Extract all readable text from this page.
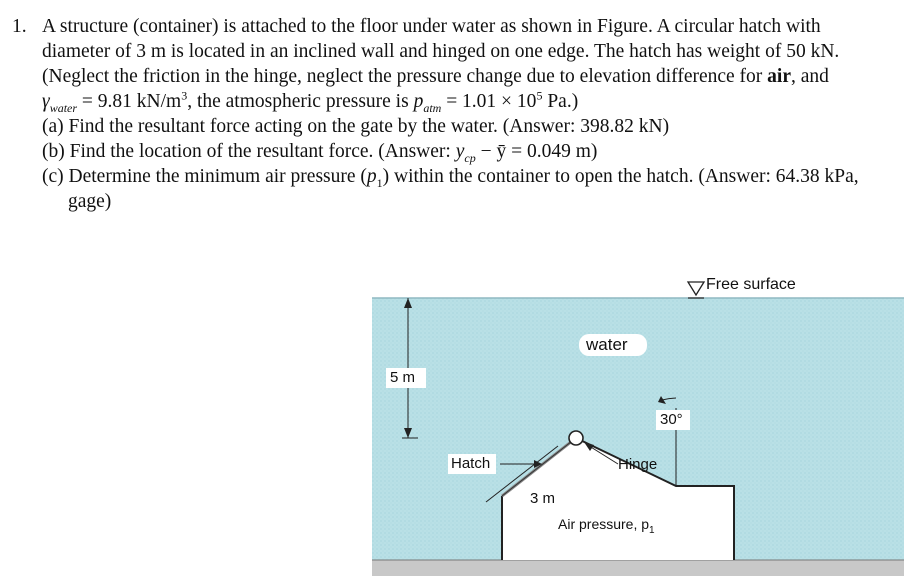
1. A structure (container) is attached to the floor under water as shown in Figure. A circular hatch with
diameter of 3 m is located in an inclined wall and hinged on one edge. The hatch has weight of 50 kN.
(Neglect the friction in the hinge, neglect the pressure change due to elevation difference for air, and
$\gamma_{water} = 9.81$ $kN/m^3$, the atmospheric pressure is $p_{atm} = 1.01 \times 10^5$ Pa.)
(a) Find the resultant force acting on the gate by the water. (Answer: 398.82 kN)
(b) Find the location of the resultant force. (Answer: $y_{cp}$ − ȳ = 0.049 m)
(c) Determine the minimum air pressure $(p_1)$ within the container to open the hatch. (Answer: 64.38 kPa,
gage)
Free surface
water
5 m
30°
Hatch	Hinge
3 m
Air pressure, $p_1$
